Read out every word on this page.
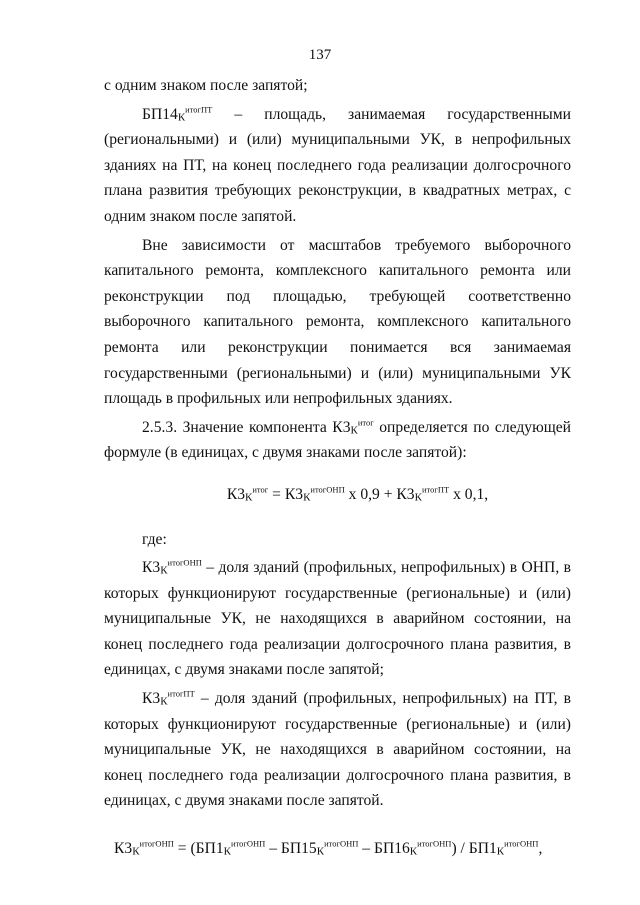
137

с одним знаком после запятой;

$БП14_К^{итогПТ}$ – площадь, занимаемая государственными (региональными) и (или) муниципальными УК, в непрофильных зданиях на ПТ, на конец последнего года реализации долгосрочного плана развития требующих реконструкции, в квадратных метрах, с одним знаком после запятой.

Вне зависимости от масштабов требуемого выборочного капитального ремонта, комплексного капитального ремонта или реконструкции под площадью, требующей соответственно выборочного капитального ремонта, комплексного капитального ремонта или реконструкции понимается вся занимаемая государственными (региональными) и (или) муниципальными УК площадь в профильных или непрофильных зданиях.

2.5.3. Значение компонента $К3_К^{итог}$ определяется по следующей формуле (в единицах, с двумя знаками после запятой):

$К3_К^{итог} = К3_К^{итогОНП}$ х $0,9 + К3_К^{итогПТ}$ х 0,1,

где:

$К3_К^{итогОНП}$ – доля зданий (профильных, непрофильных) в ОНП, в которых функционируют государственные (региональные) и (или) муниципальные УК, не находящихся в аварийном состоянии, на конец последнего года реализации долгосрочного плана развития, в единицах, с двумя знаками после запятой;

$К3_К^{итогПТ}$ – доля зданий (профильных, непрофильных) на ПТ, в которых функционируют государственные (региональные) и (или) муниципальные УК, не находящихся в аварийном состоянии, на конец последнего года реализации долгосрочного плана развития, в единицах, с двумя знаками после запятой.

$К3_К^{итогОНП} = (БП1_К^{итогОНП} - БП15_К^{итогОНП} - БП16_К^{итогОНП}) / БП1_К^{итогОНП}$,
